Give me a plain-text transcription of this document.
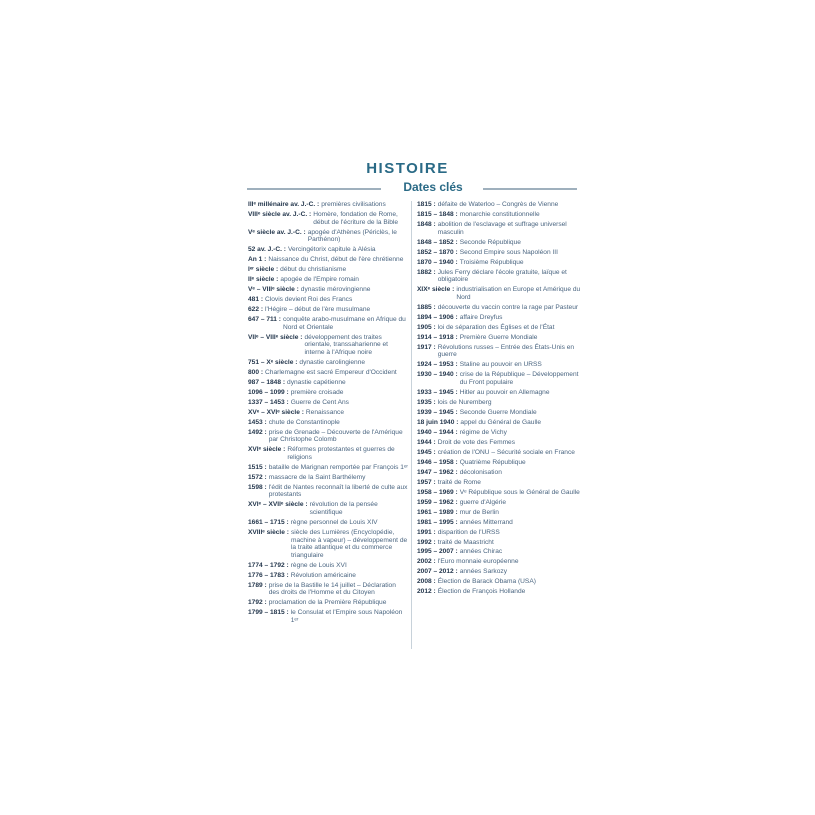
HISTOIRE
Dates clés
IIIᵉ millénaire av. J.-C. : premières civilisations
VIIIᵉ siècle av. J.-C. : Homère, fondation de Rome, début de l'écriture de la Bible
Vᵉ siècle av. J.-C. : apogée d'Athènes (Périclès, le Parthénon)
52 av. J.-C. : Vercingétorix capitule à Alésia
An 1 : Naissance du Christ, début de l'ère chrétienne
Iᵉʳ siècle : début du christianisme
IIᵉ siècle : apogée de l'Empire romain
Vᵉ – VIIIᵉ siècle : dynastie mérovingienne
481 : Clovis devient Roi des Francs
622 : l'Hégire – début de l'ère musulmane
647 – 711 : conquête arabo-musulmane en Afrique du Nord et Orientale
VIIᵉ – VIIIᵉ siècle : développement des traites orientale, transsaharienne et interne à l'Afrique noire
751 – Xᵉ siècle : dynastie carolingienne
800 : Charlemagne est sacré Empereur d'Occident
987 – 1848 : dynastie capétienne
1096 – 1099 : première croisade
1337 – 1453 : Guerre de Cent Ans
XVᵉ – XVIᵉ siècle : Renaissance
1453 : chute de Constantinople
1492 : prise de Grenade – Découverte de l'Amérique par Christophe Colomb
XVIᵉ siècle : Réformes protestantes et guerres de religions
1515 : bataille de Marignan remportée par François 1ᵉʳ
1572 : massacre de la Saint Barthélemy
1598 : l'édit de Nantes reconnaît la liberté de culte aux protestants
XVIᵉ – XVIIᵉ siècle : révolution de la pensée scientifique
1661 – 1715 : règne personnel de Louis XIV
XVIIIᵉ siècle : siècle des Lumières (Encyclopédie, machine à vapeur) – développement de la traite atlantique et du commerce triangulaire
1774 – 1792 : règne de Louis XVI
1776 – 1783 : Révolution américaine
1789 : prise de la Bastille le 14 juillet – Déclaration des droits de l'Homme et du Citoyen
1792 : proclamation de la Première République
1799 – 1815 : le Consulat et l'Empire sous Napoléon 1ᵉʳ
1815 : défaite de Waterloo – Congrès de Vienne
1815 – 1848 : monarchie constitutionnelle
1848 : abolition de l'esclavage et suffrage universel masculin
1848 – 1852 : Seconde République
1852 – 1870 : Second Empire sous Napoléon III
1870 – 1940 : Troisième République
1882 : Jules Ferry déclare l'école gratuite, laïque et obligatoire
XIXᵉ siècle : industrialisation en Europe et Amérique du Nord
1885 : découverte du vaccin contre la rage par Pasteur
1894 – 1906 : affaire Dreyfus
1905 : loi de séparation des Églises et de l'État
1914 – 1918 : Première Guerre Mondiale
1917 : Révolutions russes – Entrée des États-Unis en guerre
1924 – 1953 : Staline au pouvoir en URSS
1930 – 1940 : crise de la République – Développement du Front populaire
1933 – 1945 : Hitler au pouvoir en Allemagne
1935 : lois de Nuremberg
1939 – 1945 : Seconde Guerre Mondiale
18 juin 1940 : appel du Général de Gaulle
1940 – 1944 : régime de Vichy
1944 : Droit de vote des Femmes
1945 : création de l'ONU – Sécurité sociale en France
1946 – 1958 : Quatrième République
1947 – 1962 : décolonisation
1957 : traité de Rome
1958 – 1969 : Vᵉ République sous le Général de Gaulle
1959 – 1962 : guerre d'Algérie
1961 – 1989 : mur de Berlin
1981 – 1995 : années Mitterrand
1991 : disparition de l'URSS
1992 : traité de Maastricht
1995 – 2007 : années Chirac
2002 : l'Euro monnaie européenne
2007 – 2012 : années Sarkozy
2008 : Élection de Barack Obama (USA)
2012 : Élection de François Hollande
